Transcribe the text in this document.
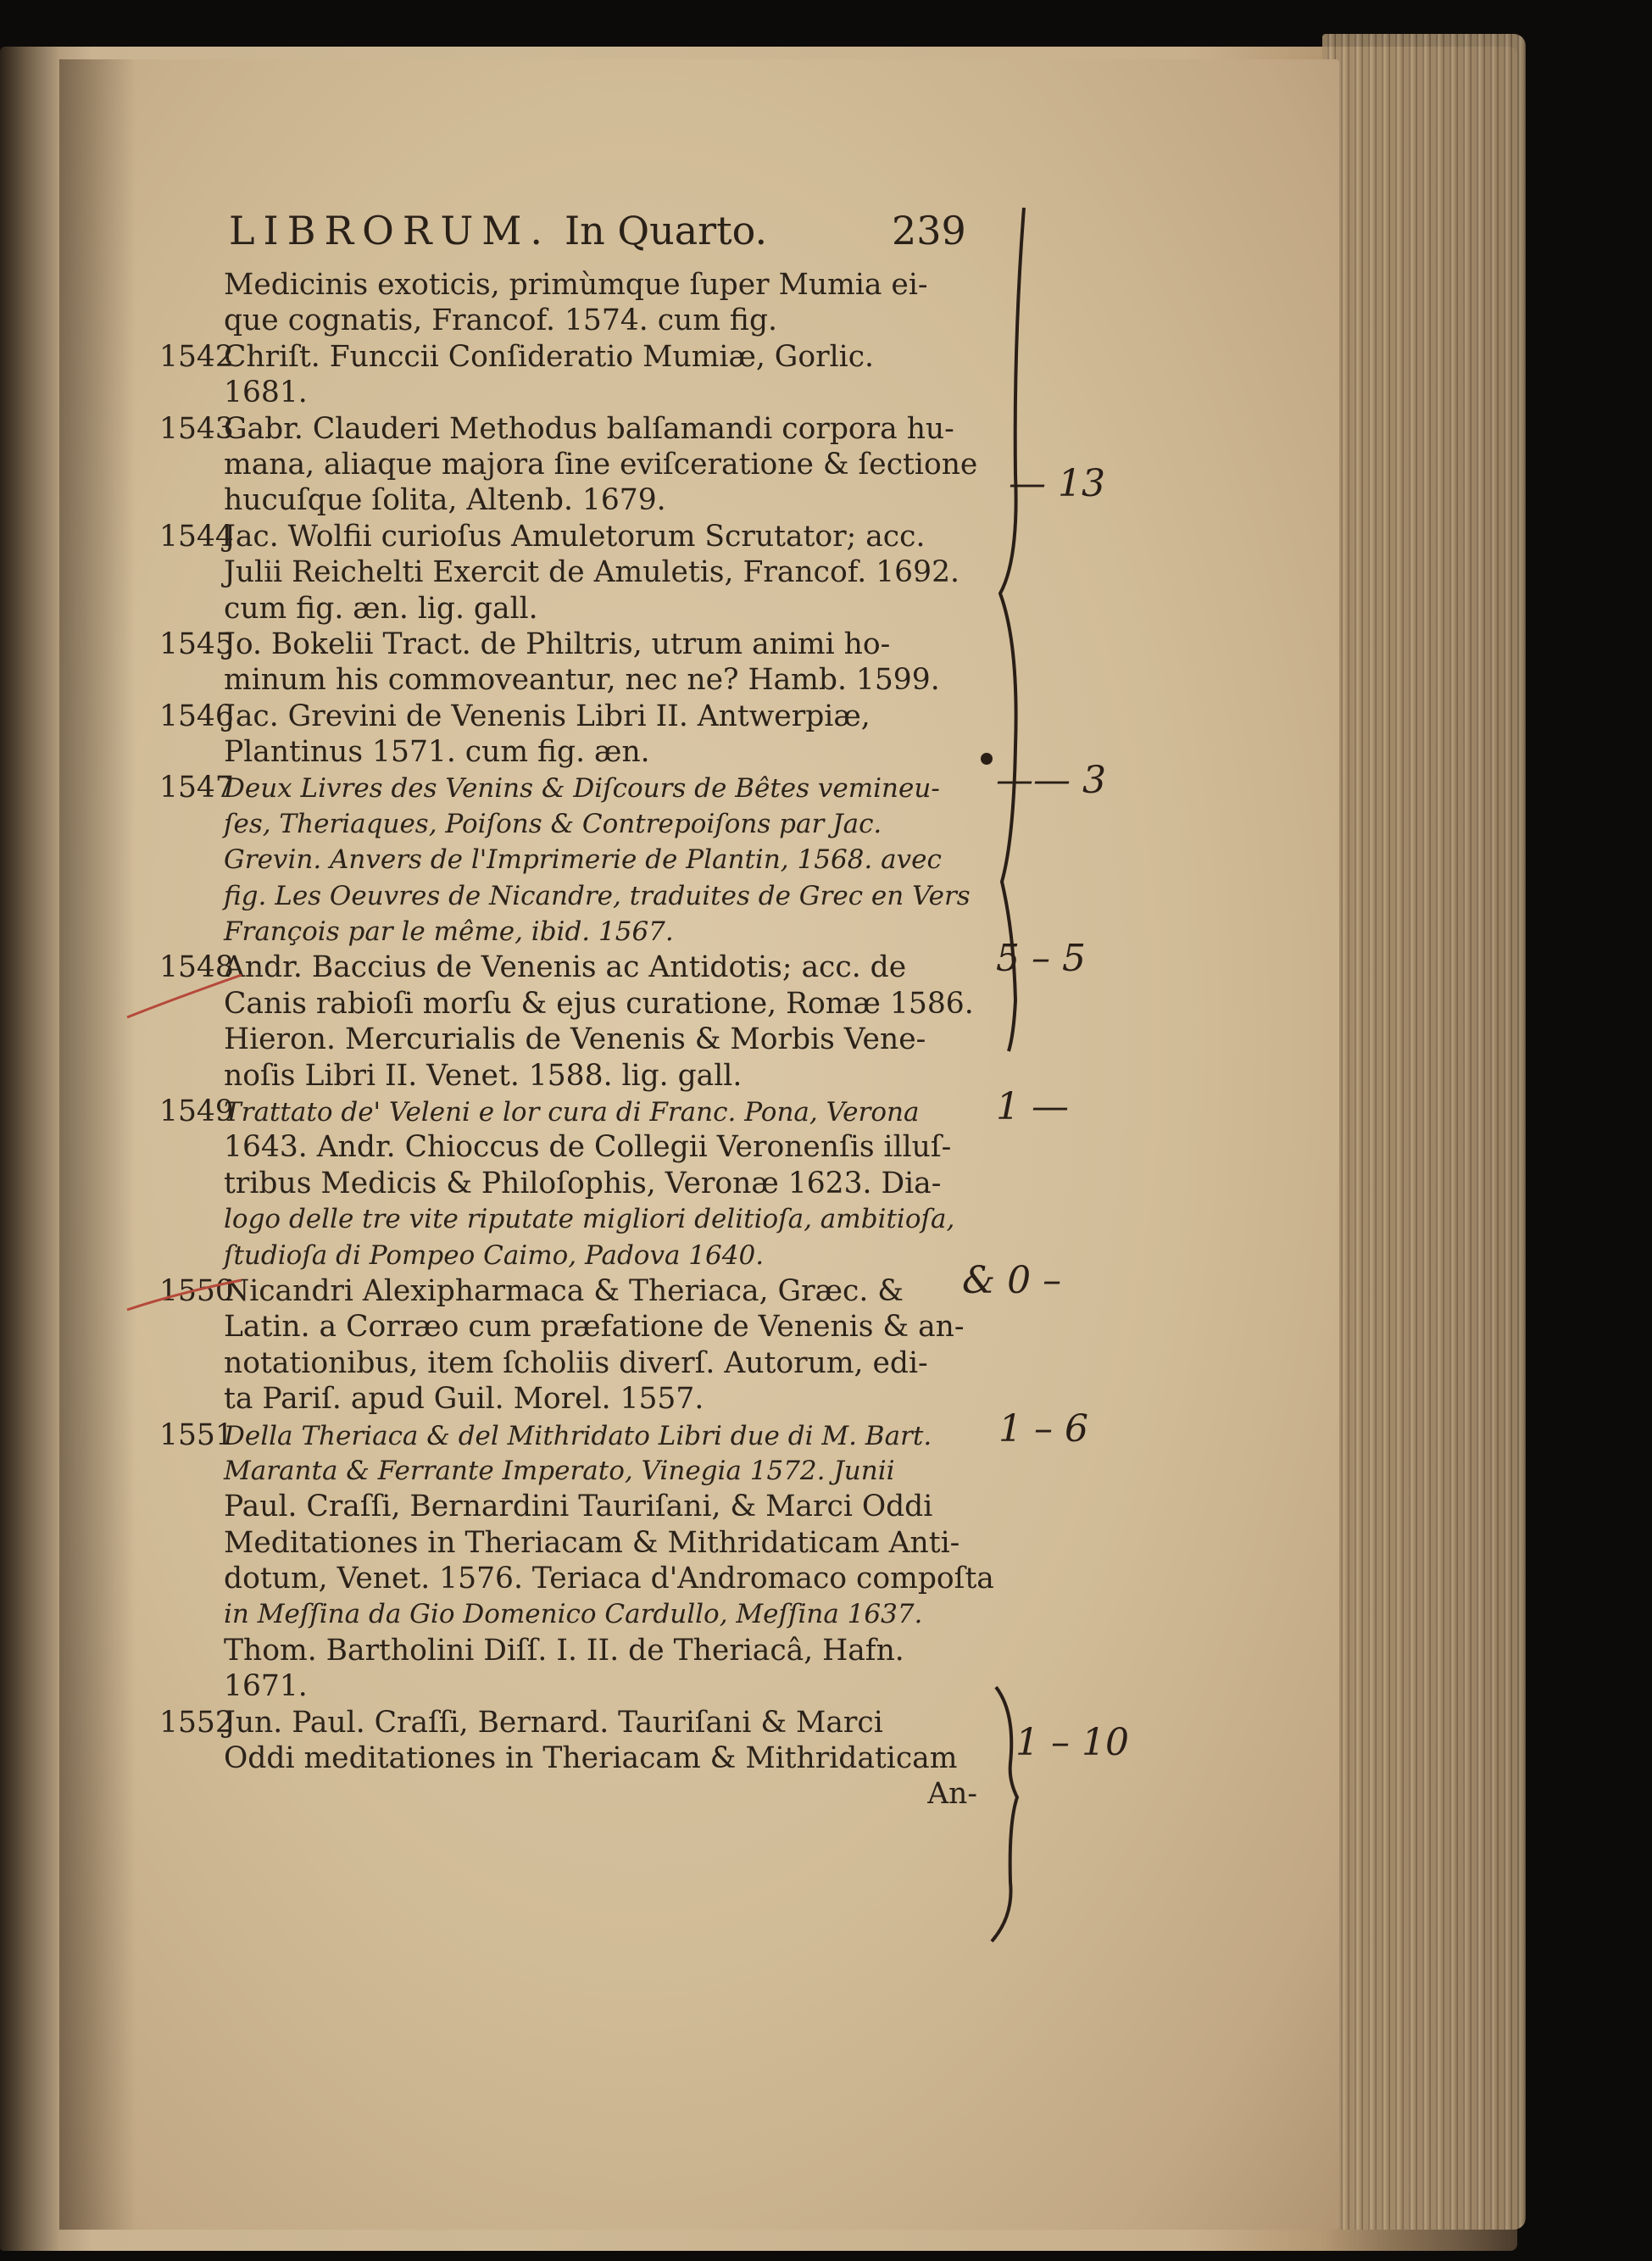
LIBRORUM. In Quarto.	239
Medicinis exoticis, primùmque ſuper Mumia ei-
que cognatis, Francof. 1574. cum fig.
1542Chriſt. Funccii Conſideratio Mumiæ, Gorlic.
1681.
1543Gabr. Clauderi Methodus balſamandi corpora hu-
mana, aliaque majora ſine eviſceratione & ſectione
hucuſque ſolita, Altenb. 1679.
1544Jac. Wolfii curioſus Amuletorum Scrutator; acc.
Julii Reichelti Exercit de Amuletis, Francof. 1692.
cum fig. æn. lig. gall.
1545Jo. Bokelii Tract. de Philtris, utrum animi ho-
minum his commoveantur, nec ne? Hamb. 1599.
1546Jac. Grevini de Venenis Libri II. Antwerpiæ,
Plantinus 1571. cum fig. æn.
1547Deux Livres des Venins & Diſcours de Bêtes vemineu-
ſes, Theriaques, Poiſons & Contrepoiſons par Jac.
Grevin. Anvers de l'Imprimerie de Plantin, 1568. avec
fig. Les Oeuvres de Nicandre, traduites de Grec en Vers
François par le même, ibid. 1567.
1548Andr. Baccius de Venenis ac Antidotis; acc. de
Canis rabioſi morſu & ejus curatione, Romæ 1586.
Hieron. Mercurialis de Venenis & Morbis Vene-
noſis Libri II. Venet. 1588. lig. gall.
1549Trattato de' Veleni e lor cura di Franc. Pona, Verona
1643. Andr. Chioccus de Collegii Veronenſis illuſ-
tribus Medicis & Philoſophis, Veronæ 1623. Dia-
logo delle tre vite riputate migliori delitioſa, ambitioſa,
ſtudioſa di Pompeo Caimo, Padova 1640.
1550Nicandri Alexipharmaca & Theriaca, Græc. &
Latin. a Corræo cum præfatione de Venenis & an-
notationibus, item ſcholiis diverſ. Autorum, edi-
ta Pariſ. apud Guil. Morel. 1557.
1551Della Theriaca & del Mithridato Libri due di M. Bart.
Maranta & Ferrante Imperato, Vinegia 1572. Junii
Paul. Craſſi, Bernardini Tauriſani, & Marci Oddi
Meditationes in Theriacam & Mithridaticam Anti-
dotum, Venet. 1576. Teriaca d'Andromaco compoſta
in Meſſina da Gio Domenico Cardullo, Meſſina 1637.
Thom. Bartholini Diſſ. I. II. de Theriacâ, Hafn.
1671.
1552Jun. Paul. Craſſi, Bernard. Tauriſani & Marci
Oddi meditationes in Theriacam & Mithridaticam
An-
— 13
—— 3
5 – 5
1 —
& 0 –
1 – 6
1 – 10
